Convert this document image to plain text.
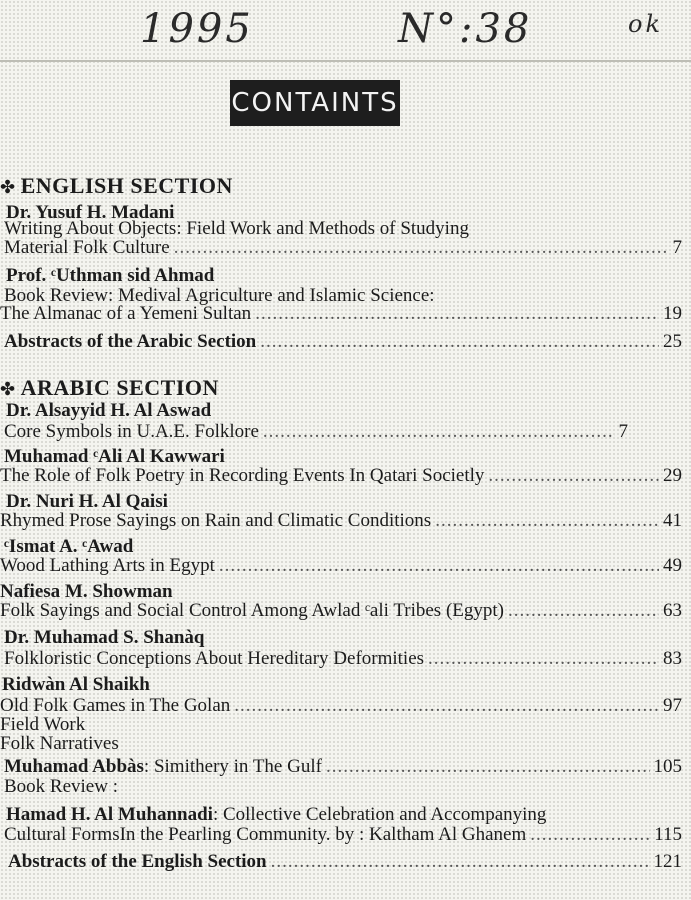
1995	N°:38	ok
CONTAINTS
✤ ENGLISH SECTION
Dr. Yusuf H. Madani
Writing About Objects: Field Work and Methods of Studying
Material Folk Culture .....	7
Prof. ᶜUthman sid Ahmad
Book Review: Medival Agriculture and Islamic Science:
The Almanac of a Yemeni Sultan .....	19
Abstracts of the Arabic Section .....	25
✤ ARABIC SECTION
Dr. Alsayyid H. Al Aswad
Core Symbols in U.A.E. Folklore .....	7
Muhamad ᶜAli Al Kawwari
The Role of Folk Poetry in Recording Events In Qatari Societly .....	29
Dr. Nuri H. Al Qaisi
Rhymed Prose Sayings on Rain and Climatic Conditions .....	41
ᶜIsmat A. ᶜAwad
Wood Lathing Arts in Egypt .....	49
Nafiesa M. Showman
Folk Sayings and Social Control Among Awlad ᶜali Tribes (Egypt) .....	63
Dr. Muhamad S. Shanàq
Folkloristic Conceptions About Hereditary Deformities .....	83
Ridwàn Al Shaikh
Old Folk Games in The Golan .....	97
Field Work
Folk Narratives
Muhamad Abbàs : Simithery in The Gulf .....	105
Book Review :
Hamad H. Al Muhannadi : Collective Celebration and Accompanying
Cultural FormsIn the Pearling Community. by : Kaltham Al Ghanem .....	115
Abstracts of the English Section .....	121
